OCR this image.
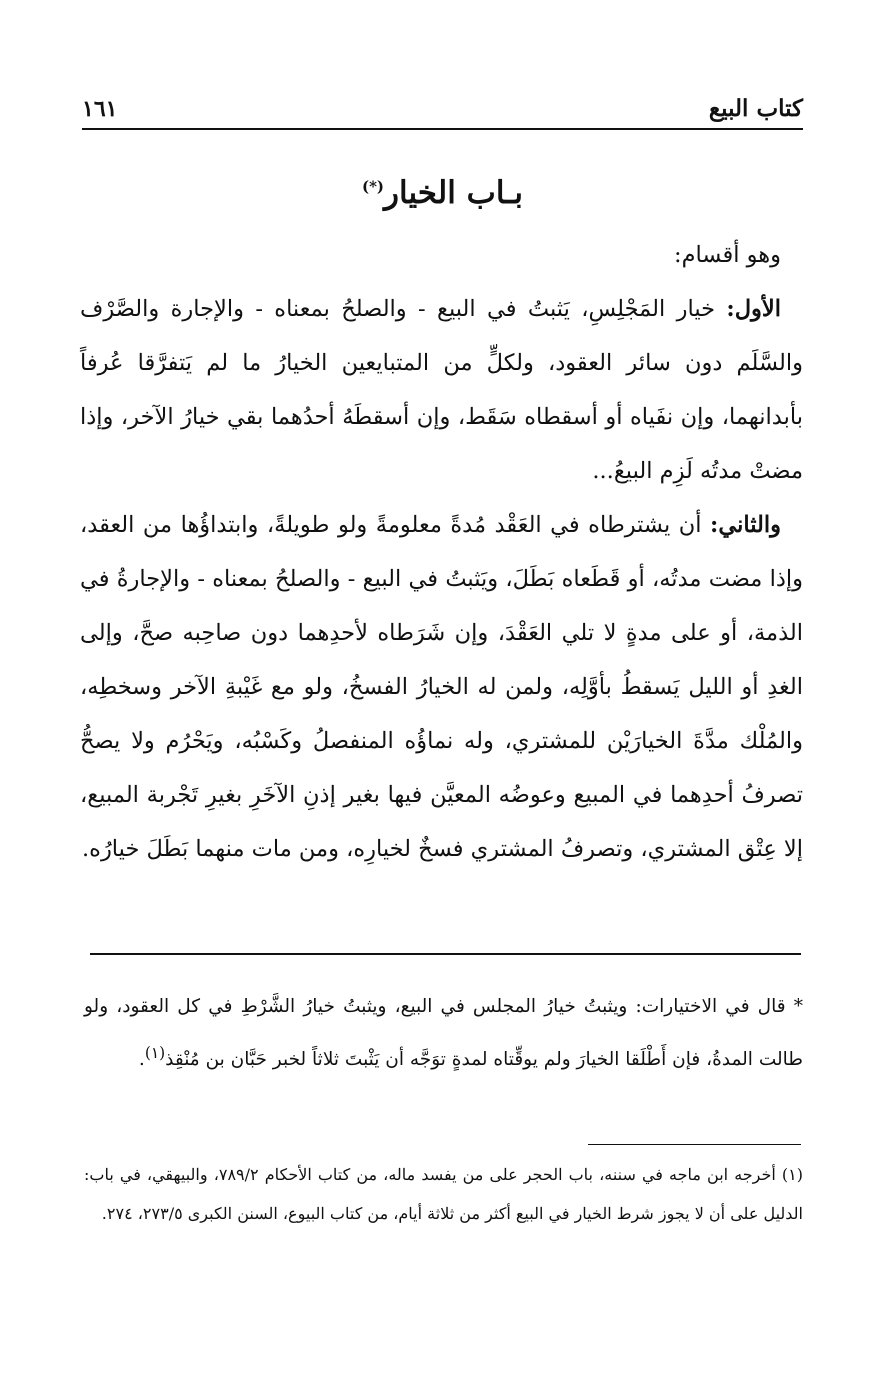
كتاب البيع
١٦١
بـاب الخيار(*)

وهو أقسام:

الأول: خيار المَجْلِسِ، يَثبتُ في البيع - والصلحُ بمعناه - والإجارة والصَّرْف والسَّلَم دون سائر العقود، ولكلٍّ من المتبايعين الخيارُ ما لم يَتفرَّقا عُرفاً بأبدانهما، وإن نفَياه أو أسقطاه سَقَط، وإن أسقطَهُ أحدُهما بقي خيارُ الآخر، وإذا مضتْ مدتُه لَزِم البيعُ...

والثاني: أن يشترطاه في العَقْد مُدةً معلومةً ولو طويلةً، وابتداؤُها من العقد، وإذا مضت مدتُه، أو قَطَعاه بَطَلَ، ويَثبتُ في البيع - والصلحُ بمعناه - والإجارةُ في الذمة، أو على مدةٍ لا تلي العَقْدَ، وإن شَرَطاه لأحدِهما دون صاحِبه صحَّ، وإلى الغدِ أو الليل يَسقطُ بأوَّلِه، ولمن له الخيارُ الفسخُ، ولو مع غَيْبةِ الآخر وسخطِه، والمُلْك مدَّةَ الخيارَيْن للمشتري، وله نماؤُه المنفصلُ وكَسْبُه، ويَحْرُم ولا يصحُّ تصرفُ أحدِهما في المبيع وعوضُه المعيَّن فيها بغير إذنِ الآخَرِ بغيرِ تَجْربة المبيع، إلا عِتْق المشتري، وتصرفُ المشتري فسخٌ لخيارِه، ومن مات منهما بَطَلَ خيارُه.

* قال في الاختيارات: ويثبتُ خيارُ المجلس في البيع، ويثبتُ خيارُ الشَّرْطِ في كل العقود، ولو طالت المدةُ، فإن أَطْلَقا الخيارَ ولم يوقِّتاه لمدةٍ توَجَّه أن يَثْبتَ ثلاثاً لخبر حَبَّان بن مُنْقِذ$^{(١)}$.

(١) أخرجه ابن ماجه في سننه، باب الحجر على من يفسد ماله، من كتاب الأحكام ٧٨٩/٢، والبيهقي، في باب: الدليل على أن لا يجوز شرط الخيار في البيع أكثر من ثلاثة أيام، من كتاب البيوع، السنن الكبرى ٢٧٣/٥، ٢٧٤.
